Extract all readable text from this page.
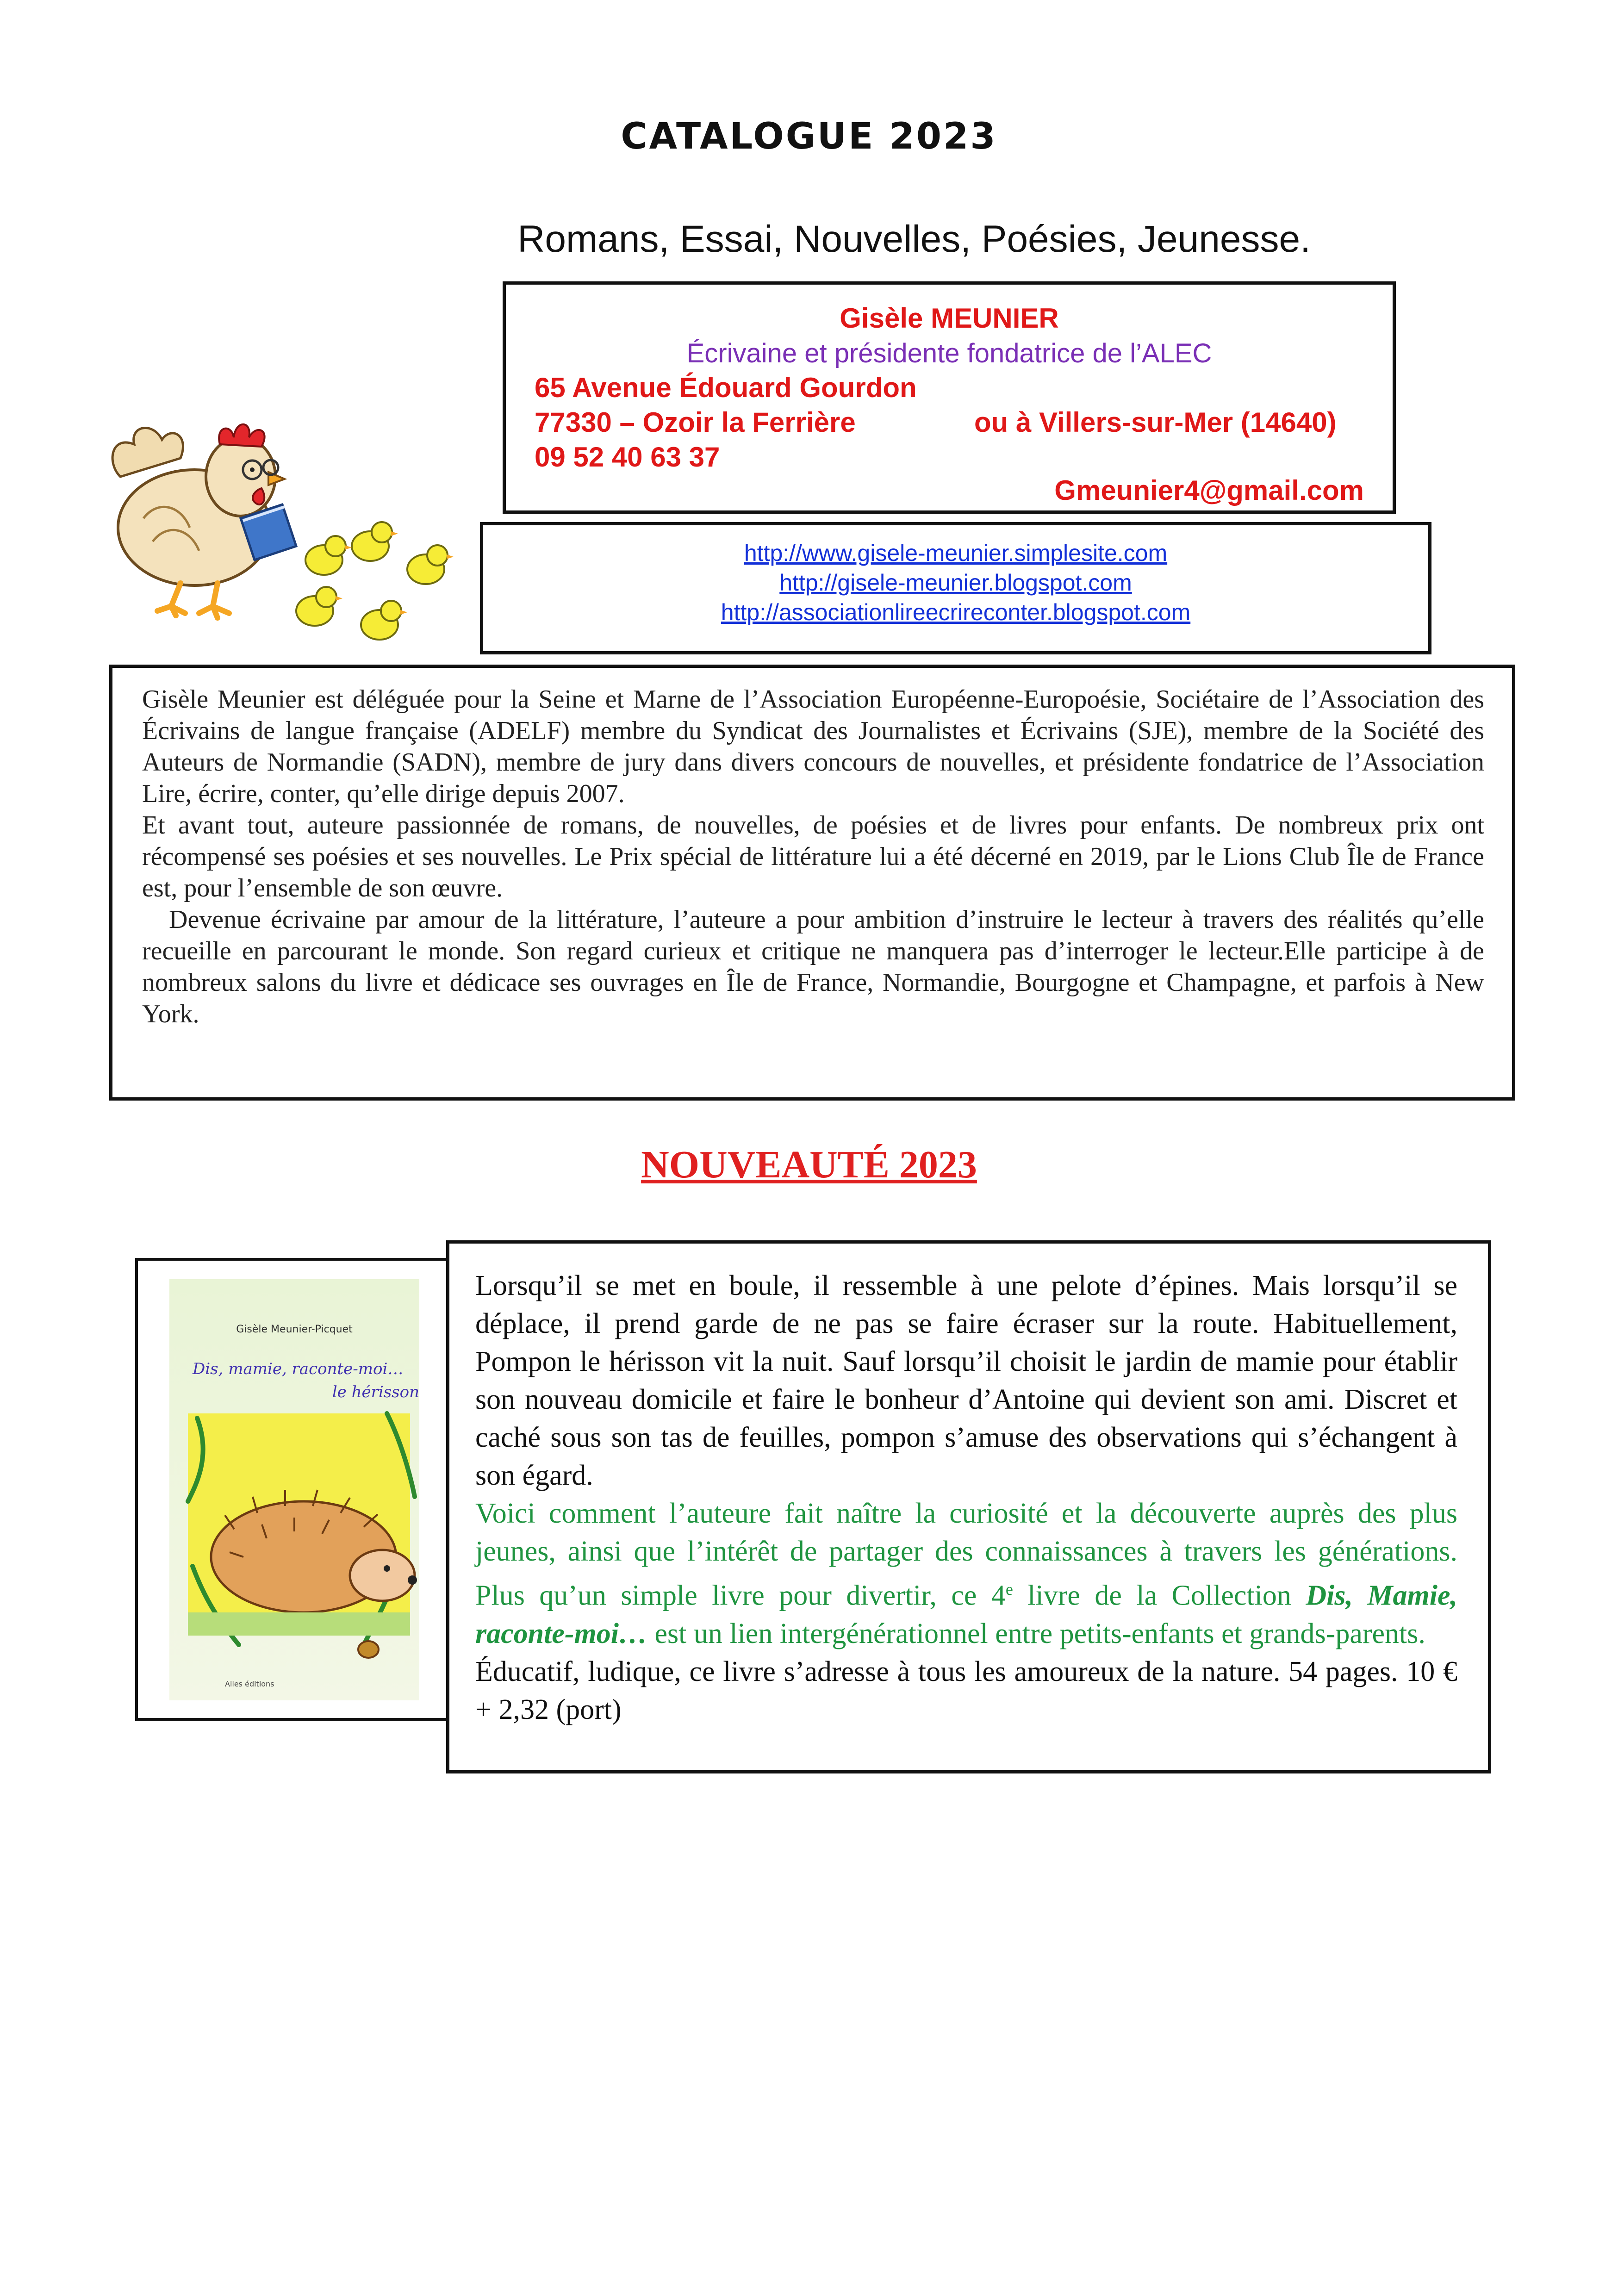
CATALOGUE 2023
Romans, Essai, Nouvelles, Poésies, Jeunesse.
Gisèle MEUNIER
Écrivaine et présidente fondatrice de l’ALEC
65 Avenue Édouard Gourdon
77330 – Ozoir la Ferrière	ou à Villers-sur-Mer (14640)
09 52 40 63 37
Gmeunier4@gmail.com
http://www.gisele-meunier.simplesite.com
http://gisele-meunier.blogspot.com
http://associationlireecrireconter.blogspot.com

Gisèle Meunier est déléguée pour la Seine et Marne de l’Association Européenne-Europoésie, Sociétaire de l’Association des Écrivains de langue française (ADELF) membre du Syndicat des Journalistes et Écrivains (SJE), membre de la Société des Auteurs de Normandie (SADN), membre de jury dans divers concours de nouvelles, et présidente fondatrice de l’Association Lire, écrire, conter, qu’elle dirige depuis 2007.

Et avant tout, auteure passionnée de romans, de nouvelles, de poésies et de livres pour enfants. De nombreux prix ont récompensé ses poésies et ses nouvelles. Le Prix spécial de littérature lui a été décerné en 2019, par le Lions Club Île de France est, pour l’ensemble de son œuvre.

Devenue écrivaine par amour de la littérature, l’auteure a pour ambition d’instruire le lecteur à travers des réalités qu’elle recueille en parcourant le monde. Son regard curieux et critique ne manquera pas d’interroger le lecteur.Elle participe à de nombreux salons du livre et dédicace ses ouvrages en Île de France, Normandie, Bourgogne et Champagne, et parfois à New York.

NOUVEAUTÉ 2023
Gisèle Meunier-Picquet
Dis, mamie, raconte-moi…
le hérisson
Ailes éditions

Lorsqu’il se met en boule, il ressemble à une pelote d’épines. Mais lorsqu’il se déplace, il prend garde de ne pas se faire écraser sur la route. Habituellement, Pompon le hérisson vit la nuit. Sauf lorsqu’il choisit le jardin de mamie pour établir son nouveau domicile et faire le bonheur d’Antoine qui devient son ami. Discret et caché sous son tas de feuilles, pompon s’amuse des observations qui s’échangent à son égard.

Voici comment l’auteure fait naître la curiosité et la découverte auprès des plus jeunes, ainsi que l’intérêt de partager des connaissances à travers les générations. Plus qu’un simple livre pour divertir, ce 4e livre de la Collection Dis, Mamie, raconte-moi… est un lien intergénérationnel entre petits-enfants et grands-parents.

Éducatif, ludique, ce livre s’adresse à tous les amoureux de la nature. 54 pages. 10 € + 2,32 (port)
